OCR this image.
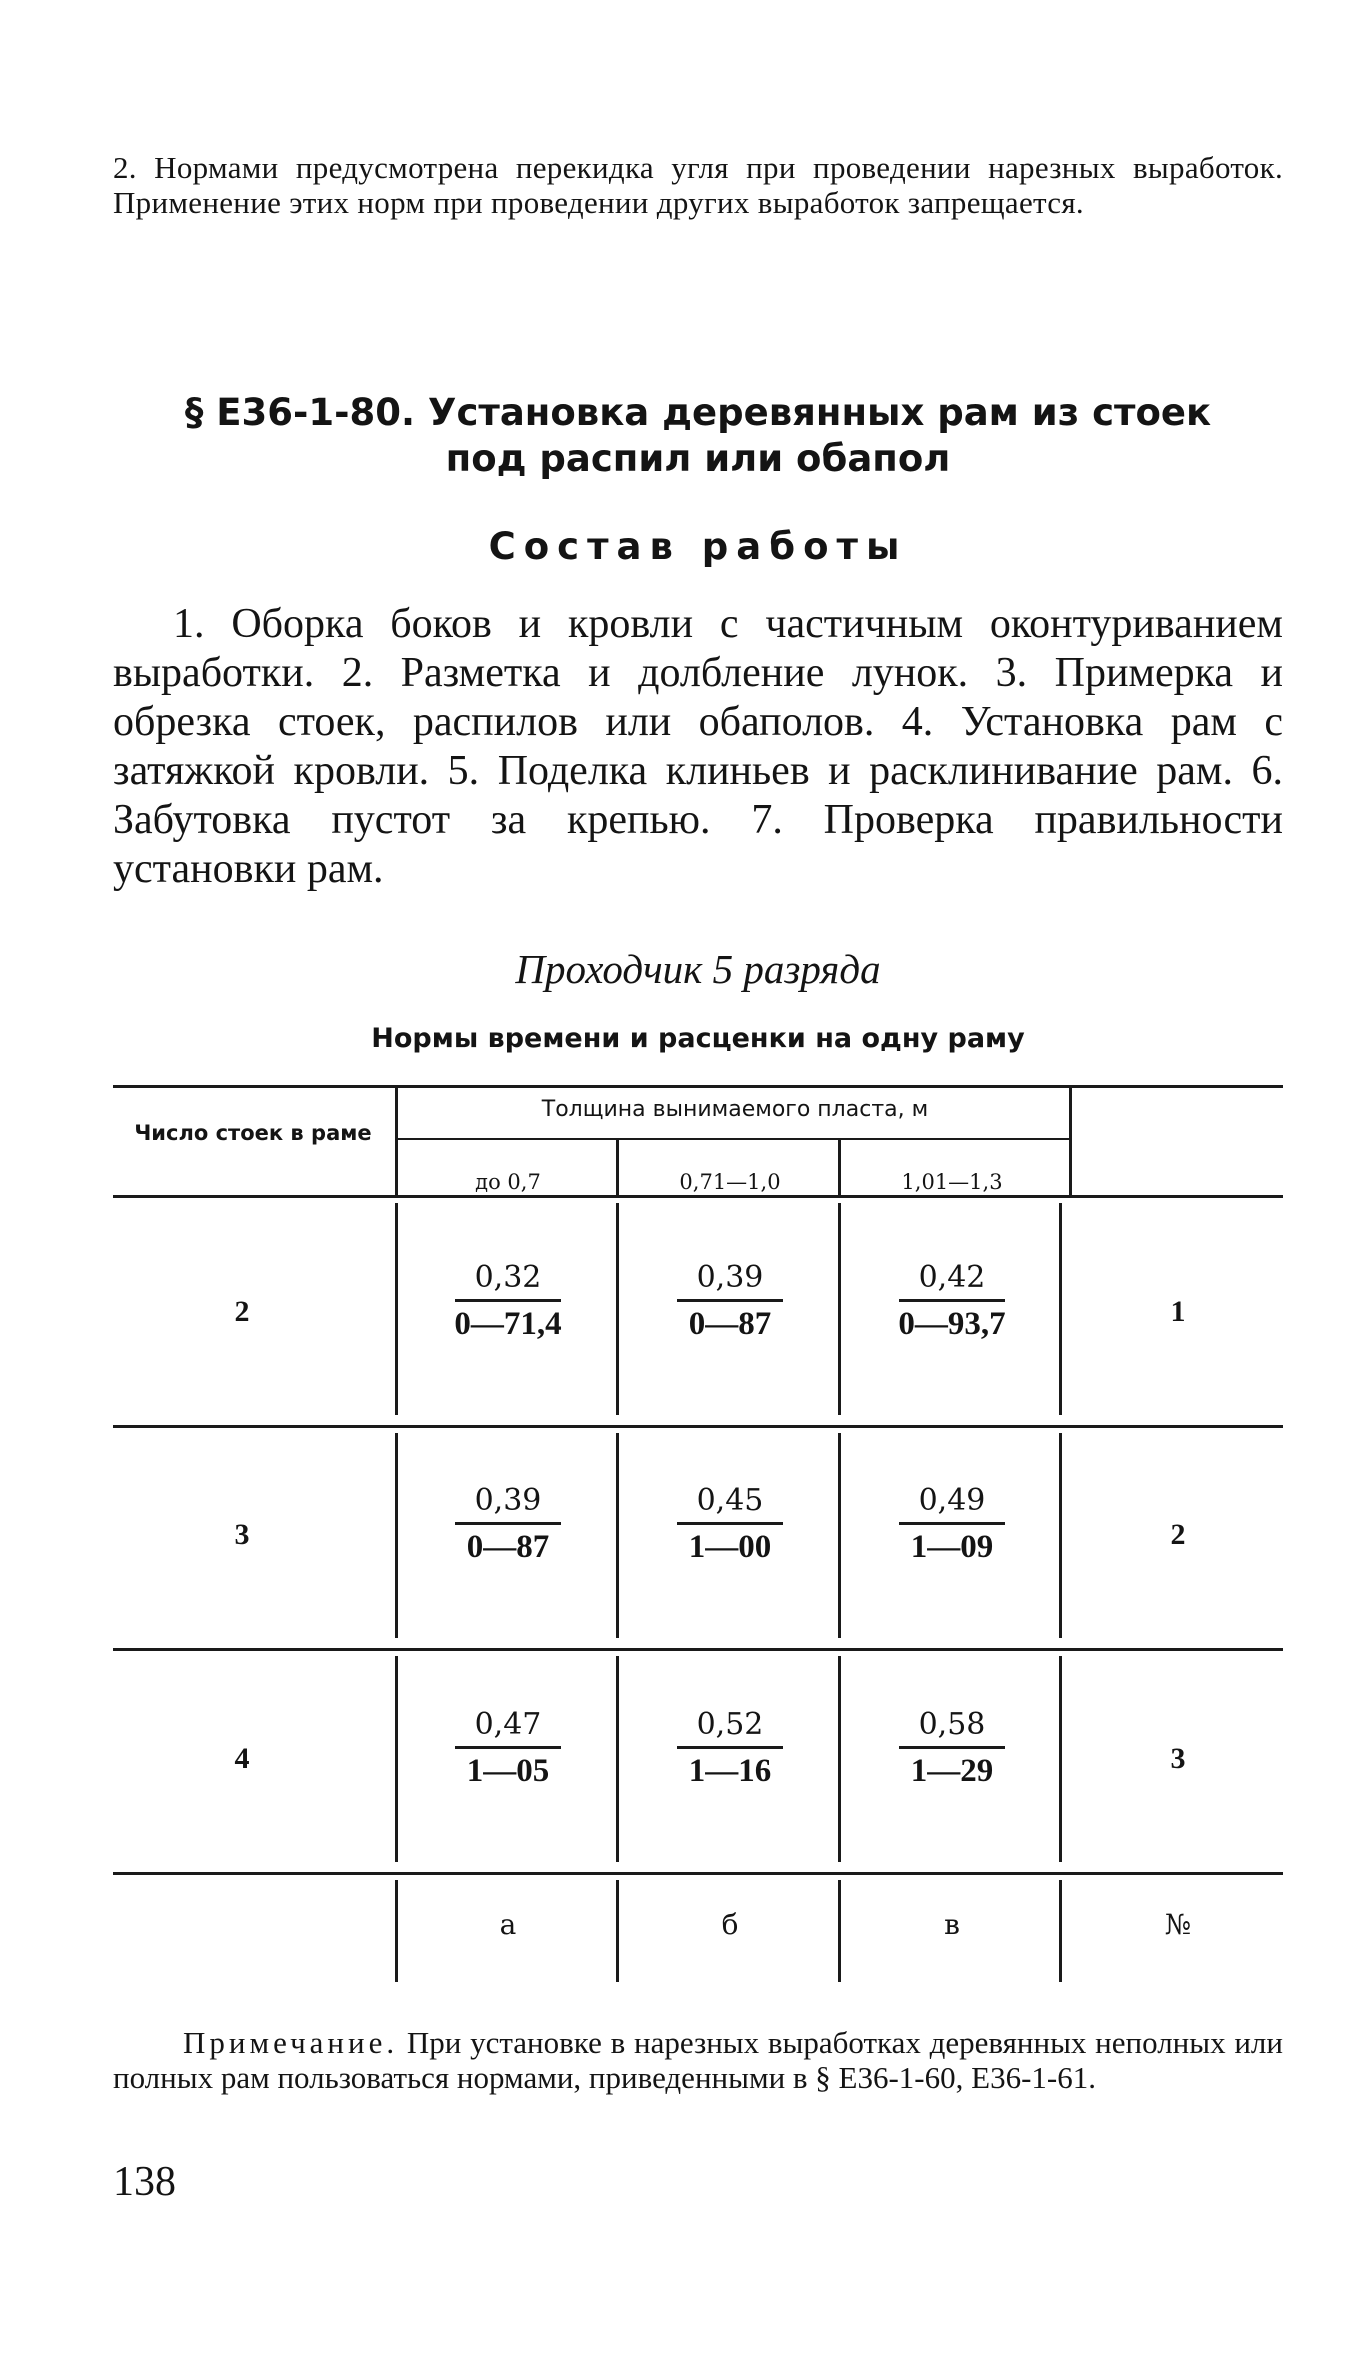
2. Нормами предусмотрена перекидка угля при проведении нарезных выработок. Применение этих норм при проведении других выработок запрещается.
§ Е36-1-80. Установка деревянных рам из стоек
под распил или обапол
Состав работы
1. Оборка боков и кровли с частичным оконтуриванием выработки. 2. Разметка и долбление лунок. 3. Примерка и обрезка стоек, распилов или обаполов. 4. Установка рам с затяжкой кровли. 5. Поделка клиньев и расклинивание рам. 6. Забутовка пустот за крепью. 7. Проверка правильности установки рам.
Проходчик 5 разряда
Нормы времени и расценки на одну раму
Число стоек в раме
Толщина вынимаемого пласта, м
до 0,7	0,71—1,0	1,01—1,3
2	$\frac{0,32}{0—71,4} \frac{0,39}{0—87} \frac{0,42}{0—93,7}$	1
3	$\frac{0,39}{0—87} \frac{0,45}{1—00} \frac{0,49}{1—09}$	2
4	$\frac{0,47}{1—05} \frac{0,52}{1—16} \frac{0,58}{1—29}$	3
а	б	в	№
Примечание. При установке в нарезных выработках деревянных неполных или полных рам пользоваться нормами, приведенными в § Е36-1-60, Е36-1-61.
138
